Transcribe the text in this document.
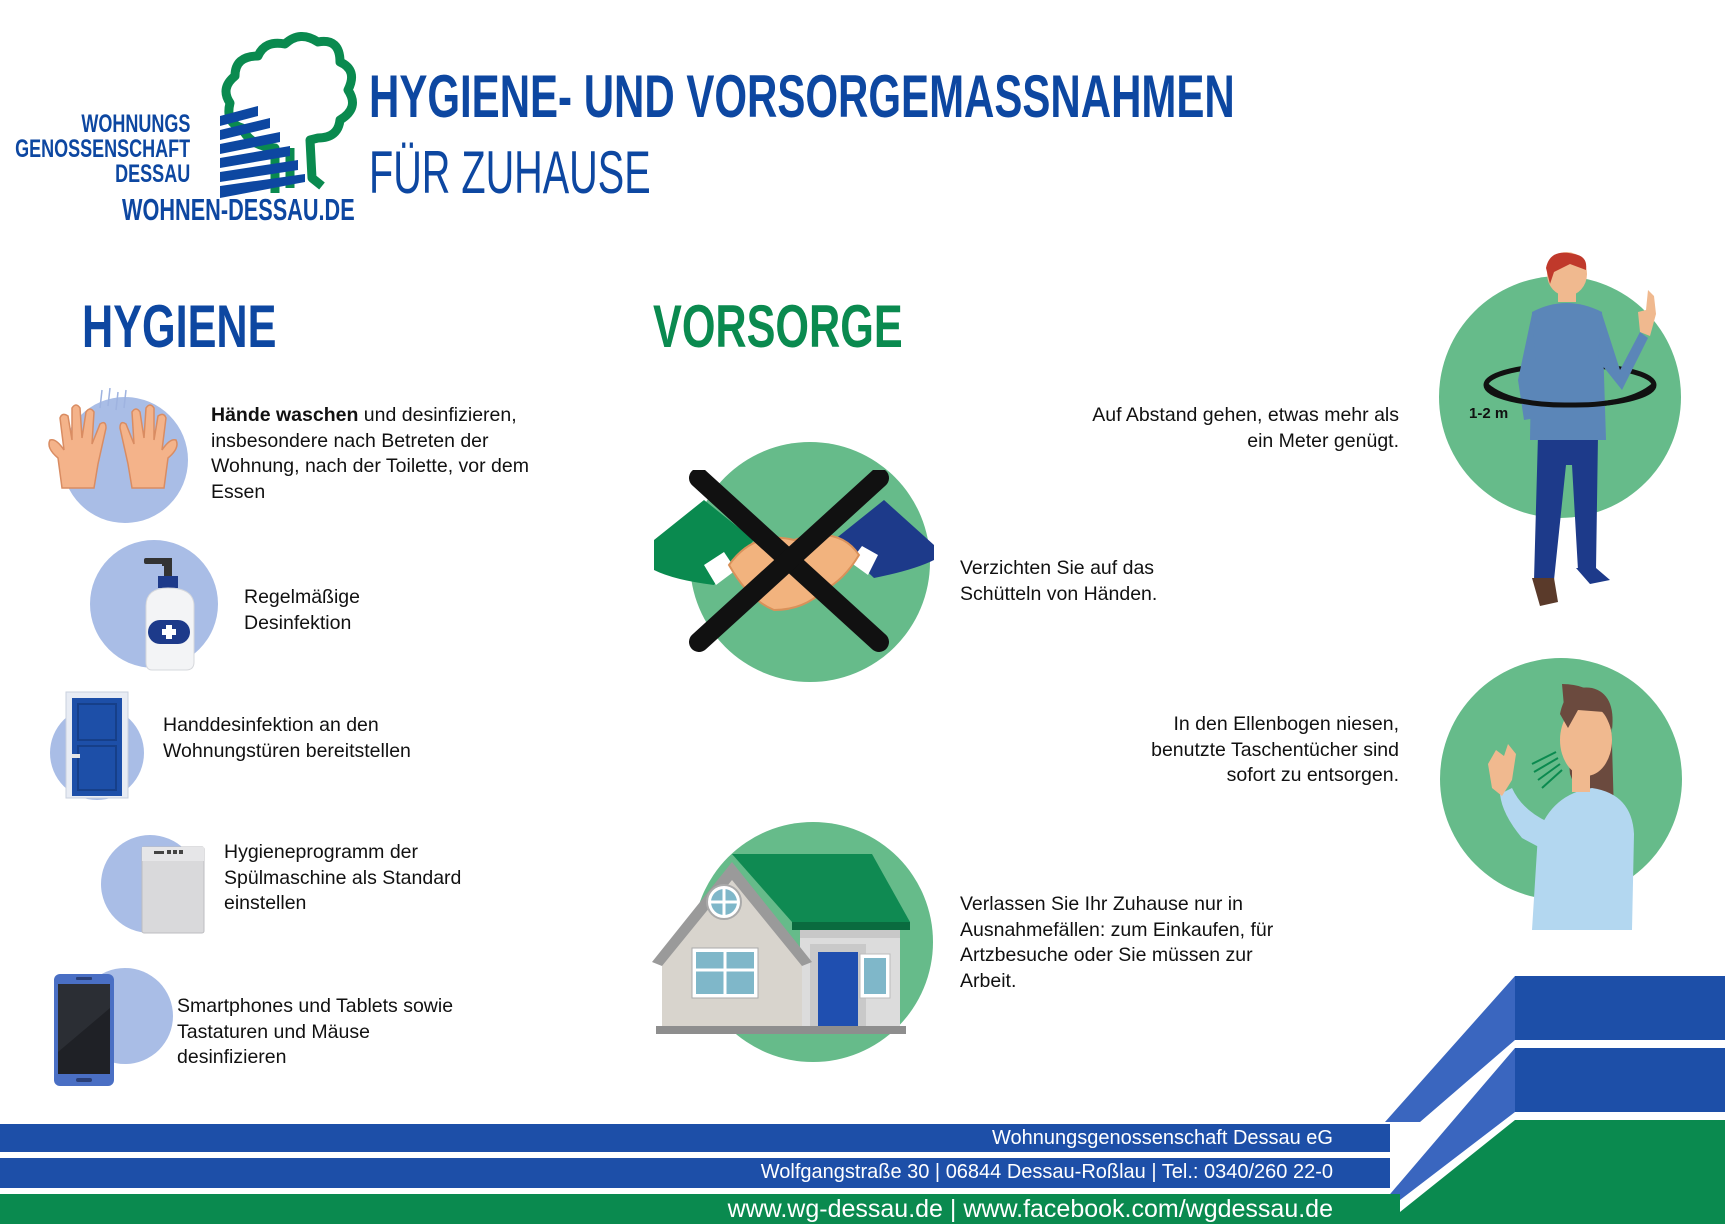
WOHNUNGS
GENOSSENSCHAFT
DESSAU
WOHNEN-DESSAU.DE
HYGIENE- UND VORSORGEMASSNAHMEN
FÜR ZUHAUSE
HYGIENE	VORSORGE
Hände waschen und desinfizieren, insbesondere nach Betreten der Wohnung, nach der Toilette, vor dem Essen
Regelmäßige Desinfektion
Handdesinfektion an den Wohnungstüren bereitstellen
Hygieneprogramm der Spülmaschine als Standard einstellen
Smartphones und Tablets sowie Tastaturen und Mäuse desinfizieren
Verzichten Sie auf das Schütteln von Händen.
Verlassen Sie Ihr Zuhause nur in Ausnahmefällen: zum Einkaufen, für Artzbesuche oder Sie müssen zur Arbeit.
1-2 m
Auf Abstand gehen, etwas mehr als ein Meter genügt.
In den Ellenbogen niesen, benutzte Taschentücher sind sofort zu entsorgen.
Wohnungsgenossenschaft Dessau eG
Wolfgangstraße 30 | 06844 Dessau-Roßlau | Tel.: 0340/260 22-0
www.wg-dessau.de | www.facebook.com/wgdessau.de
